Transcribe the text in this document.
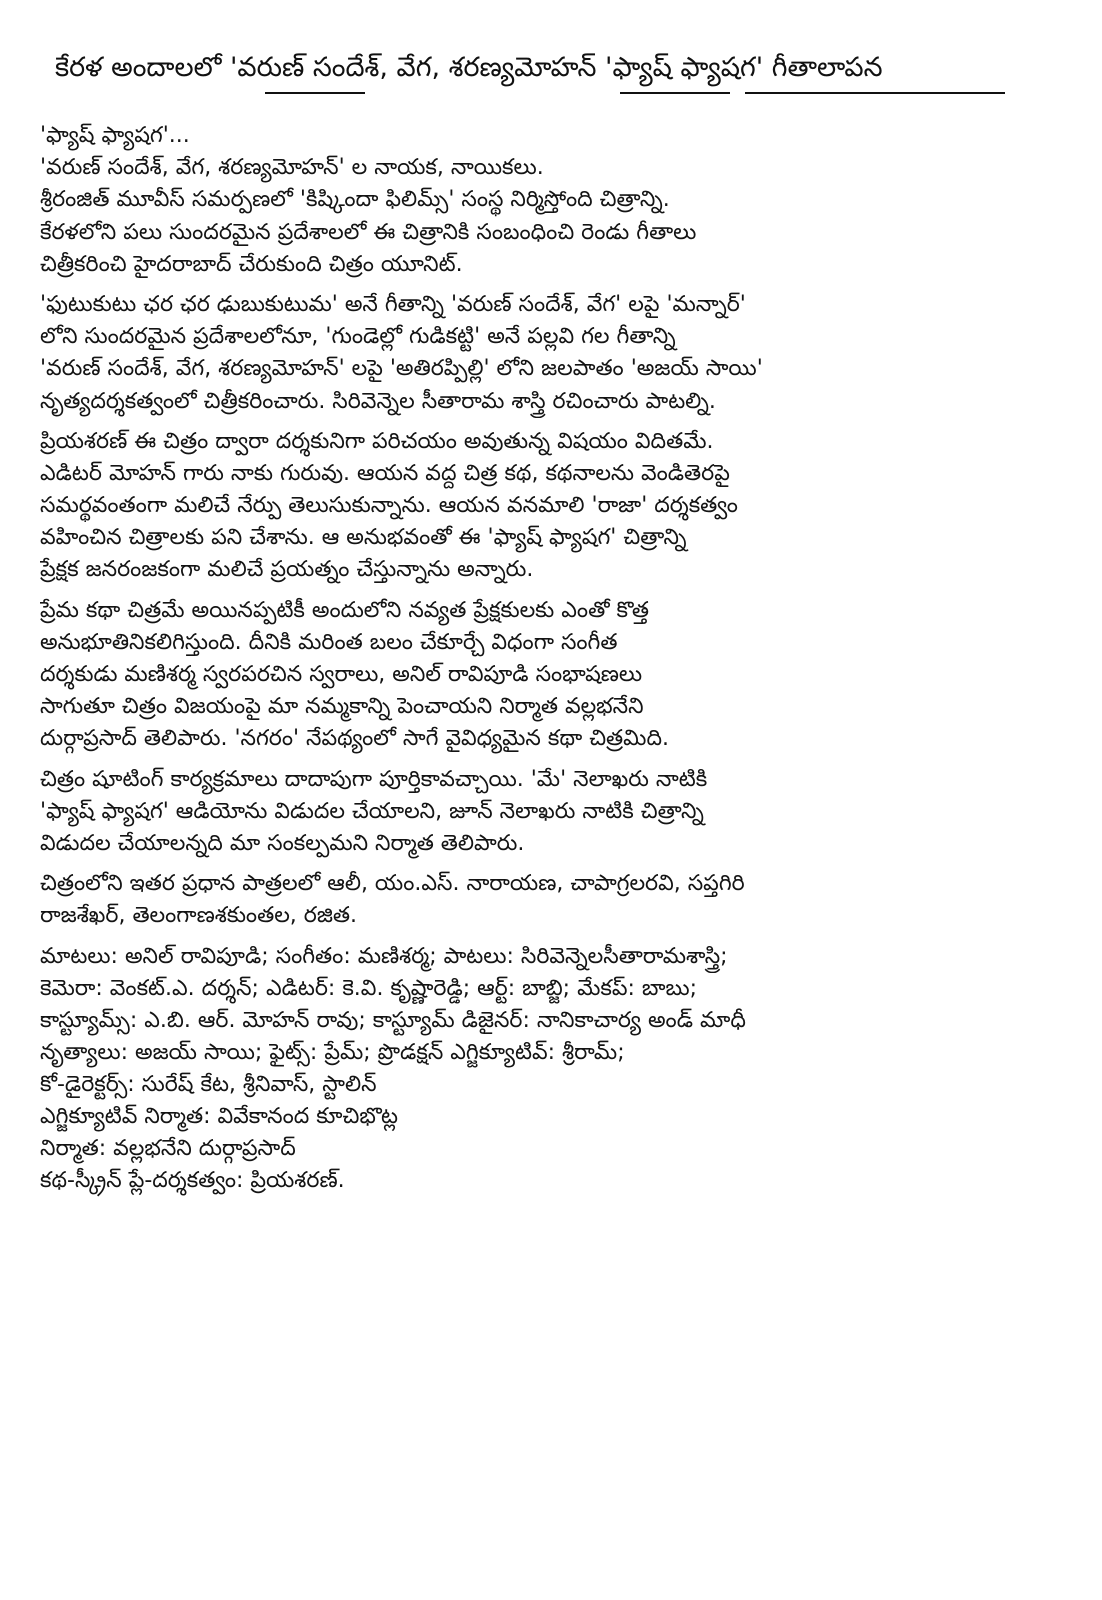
కేరళ అందాలలో 'వరుణ్ సందేశ్, వేగ, శరణ్యమోహన్ 'ఫ్యాష్ ఫ్యాషగ' గీతాలాపన
'ఫ్యాష్ ఫ్యాషగ'...
'వరుణ్ సందేశ్, వేగ, శరణ్యమోహన్' ల నాయక, నాయికలు.
శ్రీరంజిత్ మూవీస్ సమర్పణలో 'కిష్కిందా ఫిలిమ్స్' సంస్థ నిర్మిస్తోంది చిత్రాన్ని.
కేరళలోని పలు సుందరమైన ప్రదేశాలలో ఈ చిత్రానికి సంబంధించి రెండు గీతాలు
చిత్రీకరించి హైదరాబాద్ చేరుకుంది చిత్రం యూనిట్.
'ఫుటుకుటు ఛర ఛర ఢుబుకుటుమ' అనే గీతాన్ని 'వరుణ్ సందేశ్, వేగ' లపై 'మన్నార్'
లోని సుందరమైన ప్రదేశాలలోనూ, 'గుండెల్లో గుడికట్టి' అనే పల్లవి గల గీతాన్ని
'వరుణ్ సందేశ్, వేగ, శరణ్యమోహన్' లపై 'అతిరప్పిల్లి' లోని జలపాతం 'అజయ్ సాయి'
నృత్యదర్శకత్వంలో చిత్రీకరించారు. సిరివెన్నెల సీతారామ శాస్త్రి రచించారు పాటల్ని.
ప్రియశరణ్ ఈ చిత్రం ద్వారా దర్శకునిగా పరిచయం అవుతున్న విషయం విదితమే.
ఎడిటర్ మోహన్ గారు నాకు గురువు. ఆయన వద్ద చిత్ర కథ, కథనాలను వెండితెరపై
సమర్థవంతంగా మలిచే నేర్పు తెలుసుకున్నాను. ఆయన వనమాలి 'రాజా' దర్శకత్వం
వహించిన చిత్రాలకు పని చేశాను. ఆ అనుభవంతో ఈ 'ఫ్యాష్ ఫ్యాషగ' చిత్రాన్ని
ప్రేక్షక జనరంజకంగా మలిచే ప్రయత్నం చేస్తున్నాను అన్నారు.
ప్రేమ కథా చిత్రమే అయినప్పటికీ అందులోని నవ్యత ప్రేక్షకులకు ఎంతో కొత్త
అనుభూతినికలిగిస్తుంది. దీనికి మరింత బలం చేకూర్చే విధంగా సంగీత
దర్శకుడు మణిశర్మ స్వరపరచిన స్వరాలు, అనిల్ రావిపూడి సంభాషణలు
సాగుతూ చిత్రం విజయంపై మా నమ్మకాన్ని పెంచాయని నిర్మాత వల్లభనేని
దుర్గాప్రసాద్ తెలిపారు. 'నగరం' నేపథ్యంలో సాగే వైవిధ్యమైన కథా చిత్రమిది.
చిత్రం షూటింగ్ కార్యక్రమాలు దాదాపుగా పూర్తికావచ్చాయి. 'మే' నెలాఖరు నాటికి
'ఫ్యాష్ ఫ్యాషగ' ఆడియోను విడుదల చేయాలని, జూన్ నెలాఖరు నాటికి చిత్రాన్ని
విడుదల చేయాలన్నది మా సంకల్పమని నిర్మాత తెలిపారు.
చిత్రంలోని ఇతర ప్రధాన పాత్రలలో ఆలీ, యం.ఎస్. నారాయణ, చాపాగ్రలరవి, సప్తగిరి
రాజశేఖర్, తెలంగాణశకుంతల, రజిత.
మాటలు: అనిల్ రావిపూడి; సంగీతం: మణిశర్మ; పాటలు: సిరివెన్నెలసీతారామశాస్త్రి;
కెమెరా: వెంకట్.ఎ. దర్శన్; ఎడిటర్: కె.వి. కృష్ణారెడ్డి; ఆర్ట్: బాబ్జి; మేకప్: బాబు;
కాస్ట్యూమ్స్: ఎ.బి. ఆర్. మోహన్ రావు; కాస్ట్యూమ్ డిజైనర్: నానికాచార్య అండ్ మాధీ
నృత్యాలు: అజయ్ సాయి; ఫైట్స్: ప్రేమ్; ప్రొడక్షన్ ఎగ్జిక్యూటివ్: శ్రీరామ్;
కో-డైరెక్టర్స్: సురేష్ కేట, శ్రీనివాస్, స్టాలిన్
ఎగ్జిక్యూటివ్ నిర్మాత: వివేకానంద కూచిభొట్ల
నిర్మాత: వల్లభనేని దుర్గాప్రసాద్
కథ-స్క్రీన్ ప్లే-దర్శకత్వం: ప్రియశరణ్.
